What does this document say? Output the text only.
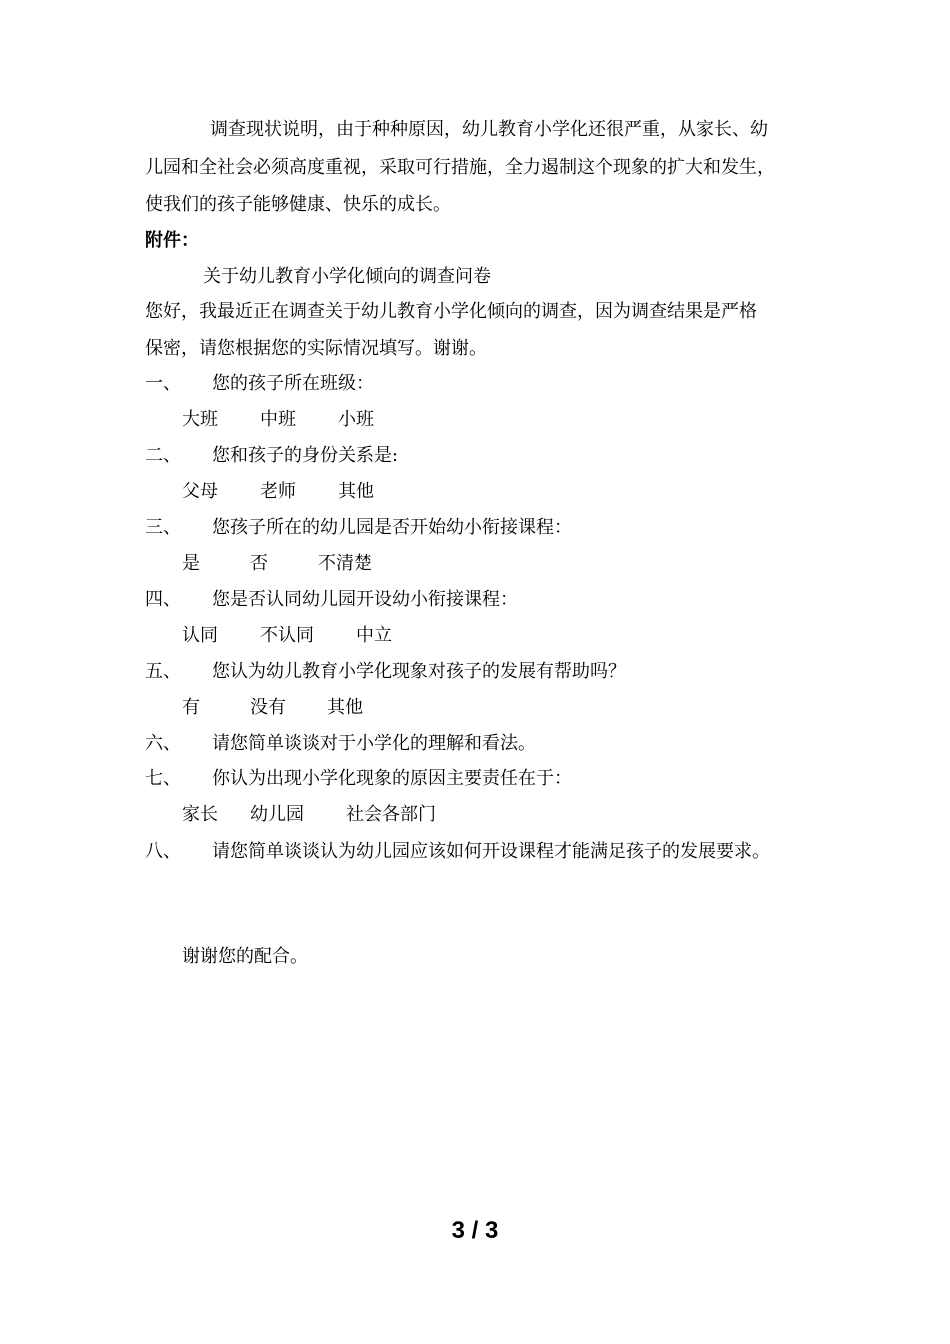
调查现状说明，由于种种原因，幼儿教育小学化还很严重，从家长、幼
儿园和全社会必须高度重视，采取可行措施，全力遏制这个现象的扩大和发生，
使我们的孩子能够健康、快乐的成长。
附件：
关于幼儿教育小学化倾向的调查问卷
您好，我最近正在调查关于幼儿教育小学化倾向的调查，因为调查结果是严格
保密，请您根据您的实际情况填写。谢谢。
一、 您的孩子所在班级：
大班 中班 小班
二、 您和孩子的身份关系是:
父母 老师 其他
三、 您孩子所在的幼儿园是否开始幼小衔接课程：
是	否	不清楚
四、 您是否认同幼儿园开设幼小衔接课程：
认同 不认同 中立
五、 您认为幼儿教育小学化现象对孩子的发展有帮助吗？
有	没有 其他
六、 请您简单谈谈对于小学化的理解和看法。
七、 你认为出现小学化现象的原因主要责任在于：
家长 幼儿园 社会各部门
八、 请您简单谈谈认为幼儿园应该如何开设课程才能满足孩子的发展要求。
谢谢您的配合。
3 / 3
